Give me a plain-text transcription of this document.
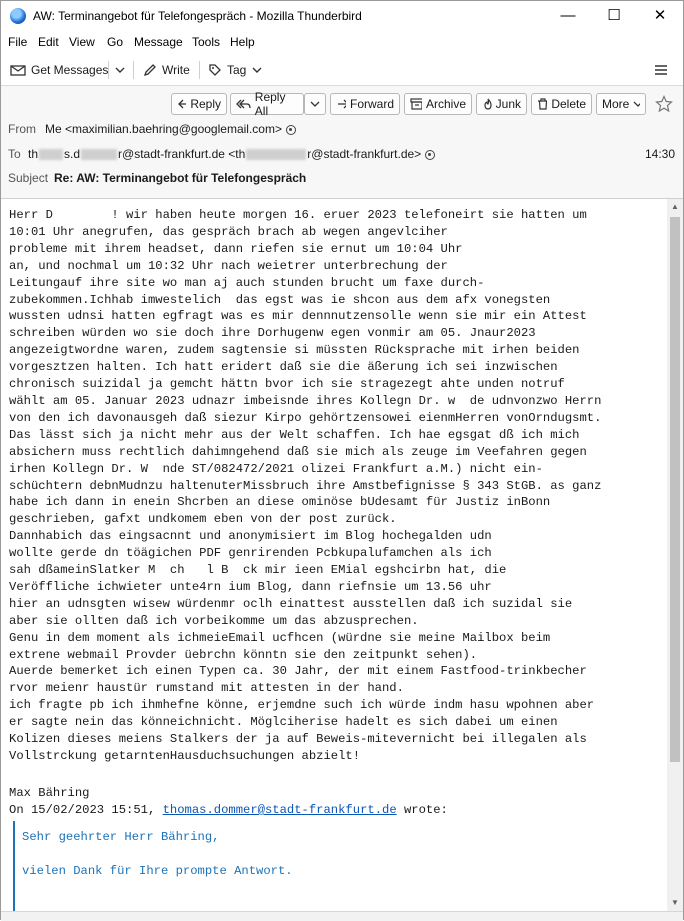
AW: Terminangebot für Telefongespräch - Mozilla Thunderbird	—	☐	✕
File Edit View Go Message Tools Help
Get Messages	Write	Tag
Reply	Reply All	Forward	Archive Junk	Delete More
From Me <maximilian.baehring@googlemail.com>
To th s.d	r@stadt-frankfurt.de <th	r@stadt-frankfurt.de>	14:30
Subject Re: AW: Terminangebot für Telefongespräch
Herr D        ! wir haben heute morgen 16. eruer 2023 telefoneirt sie hatten um
10:01 Uhr anegrufen, das gespräch brach ab wegen angevlciher
probleme mit ihrem headset, dann riefen sie ernut um 10:04 Uhr
an, und nochmal um 10:32 Uhr nach weietrer unterbrechung der
Leitungauf ihre site wo man aj auch stunden brucht um faxe durch-
zubekommen.Ichhab imwestelich  das egst was ie shcon aus dem afx vonegsten
wussten udnsi hatten egfragt was es mir dennnutzensolle wenn sie mir ein Attest
schreiben würden wo sie doch ihre Dorhugenw egen vonmir am 05. Jnaur2023
angezeigtwordne waren, zudem sagtensie si müssten Rücksprache mit irhen beiden
vorgesztzen halten. Ich hatt eridert daß sie die äßerung ich sei inzwischen
chronisch suizidal ja gemcht hättn bvor ich sie stragezegt ahte unden notruf
wählt am 05. Januar 2023 udnazr imbeisnde ihres Kollegn Dr. w  de udnvonzwo Herrn
von den ich davonausgeh daß siezur Kirpo gehörtzensowei eienmHerren vonOrndugsmt.
Das lässt sich ja nicht mehr aus der Welt schaffen. Ich hae egsgat dß ich mich
absichern muss rechtlich dahimngehend daß sie mich als zeuge im Veefahren gegen
irhen Kollegn Dr. W  nde ST/082472/2021 olizei Frankfurt a.M.) nicht ein-
schüchtern debnMudnzu haltenuterMissbruch ihre Amstbefignisse § 343 StGB. as ganz
habe ich dann in enein Shcrben an diese ominöse bUdesamt für Justiz inBonn
geschrieben, gafxt undkomem eben von der post zurück.
Dannhabich das eingsacnnt und anonymisiert im Blog hochegalden udn
wollte gerde dn töägichen PDF genrirenden Pcbkupalufamchen als ich
sah dßameinSlatker M  ch   l B  ck mir ieen EMial egshcirbn hat, die
Veröffliche ichwieter unte4rn ium Blog, dann riefnsie um 13.56 uhr
hier an udnsgten wisew würdenmr oclh einattest ausstellen daß ich suzidal sie
aber sie ollten daß ich vorbeikomme um das abzusprechen.
Genu in dem moment als ichmeieEmail ucfhcen (würdne sie meine Mailbox beim
extrene webmail Provder üebrchn könntn sie den zeitpunkt sehen).
Auerde bemerket ich einen Typen ca. 30 Jahr, der mit einem Fastfood-trinkbecher
rvor meienr haustür rumstand mit attesten in der hand.
ich fragte pb ich ihmhefne könne, erjemdne such ich würde indm hasu wpohnen aber
er sagte nein das könneichnicht. Möglciherise hadelt es sich dabei um einen
Kolizen dieses meiens Stalkers der ja auf Beweis-mitevernicht bei illegalen als
Vollstrckung getarntenHausduchsuchungen abzielt!
Max Bähring
On 15/02/2023 15:51, thomas.dommer@stadt-frankfurt.de wrote:
Sehr geehrter Herr Bähring,
vielen Dank für Ihre prompte Antwort.
▲
▼
